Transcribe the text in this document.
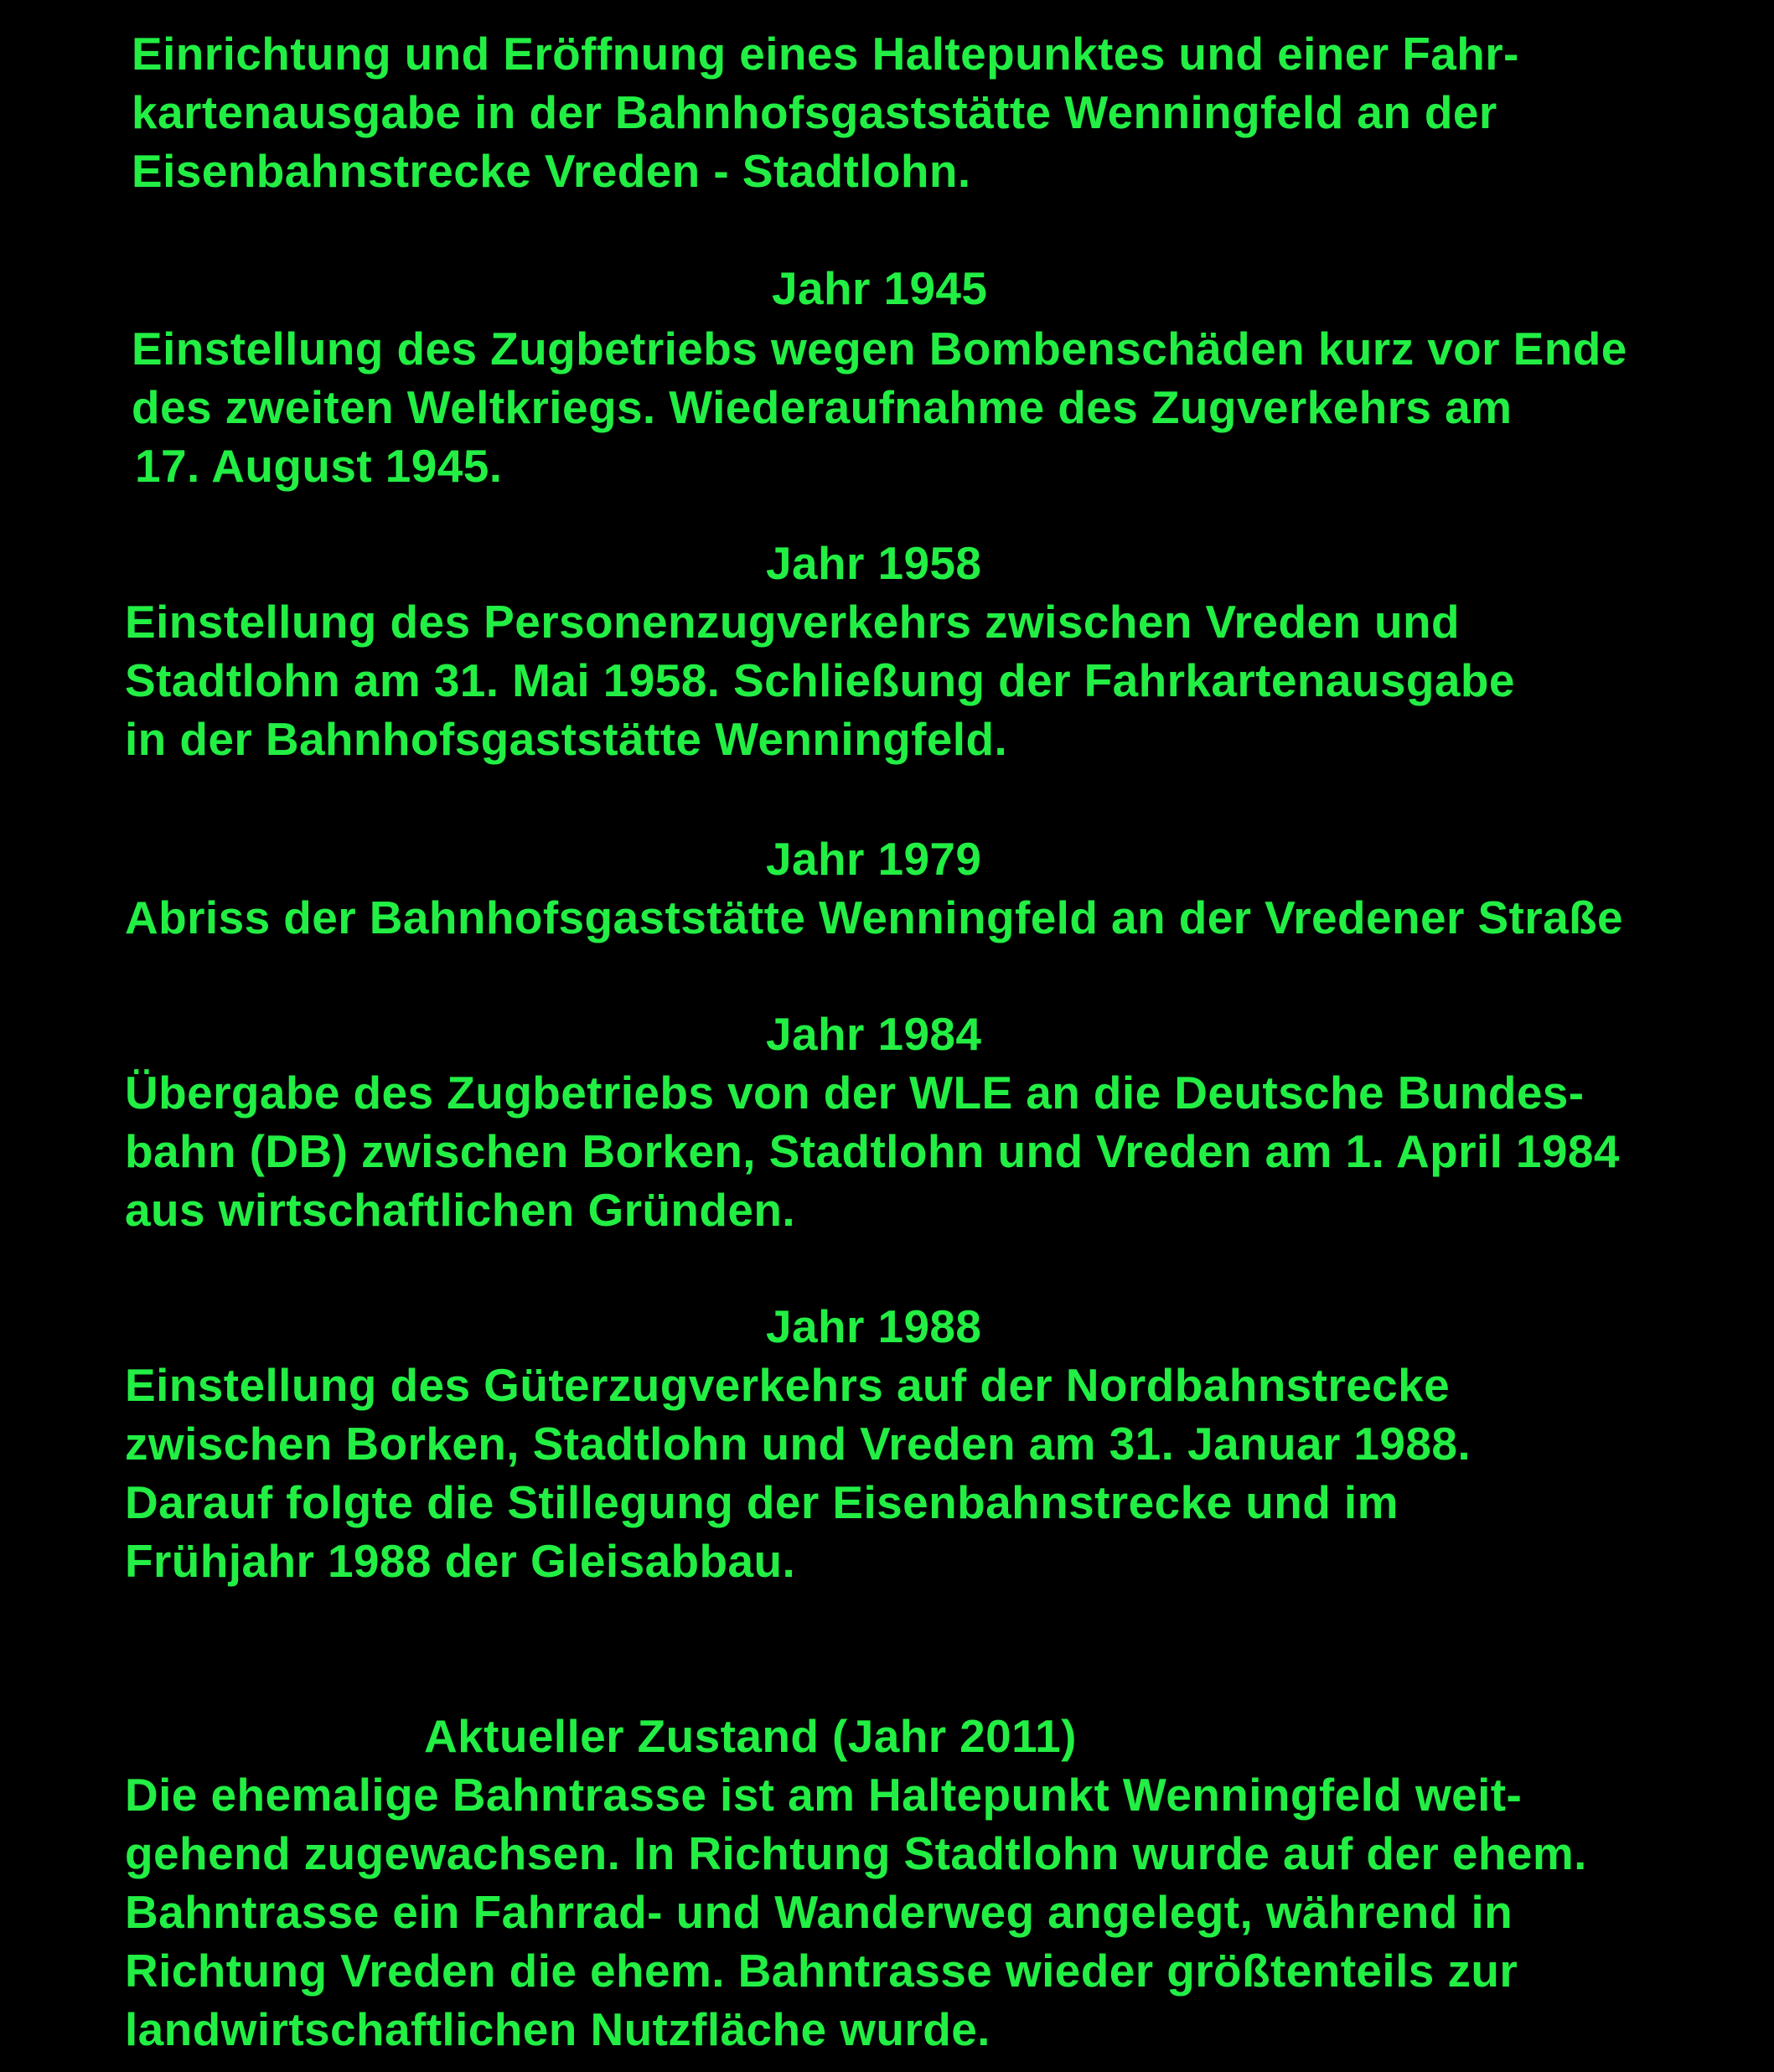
Einrichtung und Eröffnung eines Haltepunktes und einer Fahr-
kartenausgabe in der Bahnhofsgaststätte Wenningfeld an der
Eisenbahnstrecke Vreden - Stadtlohn.
Jahr 1945
Einstellung des Zugbetriebs wegen Bombenschäden kurz vor Ende
des zweiten Weltkriegs. Wiederaufnahme des Zugverkehrs am
17. August 1945.
Jahr 1958
Einstellung des Personenzugverkehrs zwischen Vreden und
Stadtlohn am 31. Mai 1958. Schließung der Fahrkartenausgabe
in der Bahnhofsgaststätte Wenningfeld.
Jahr 1979
Abriss der Bahnhofsgaststätte Wenningfeld an der Vredener Straße
Jahr 1984
Übergabe des Zugbetriebs von der WLE an die Deutsche Bundes-
bahn (DB) zwischen Borken, Stadtlohn und Vreden am 1. April 1984
aus wirtschaftlichen Gründen.
Jahr 1988
Einstellung des Güterzugverkehrs auf der Nordbahnstrecke
zwischen Borken, Stadtlohn und Vreden am 31. Januar 1988.
Darauf folgte die Stillegung der Eisenbahnstrecke und im
Frühjahr 1988 der Gleisabbau.
Aktueller Zustand (Jahr 2011)
Die ehemalige Bahntrasse ist am Haltepunkt Wenningfeld weit-
gehend zugewachsen. In Richtung Stadtlohn wurde auf der ehem.
Bahntrasse ein Fahrrad- und Wanderweg angelegt, während in
Richtung Vreden die ehem. Bahntrasse wieder größtenteils zur
landwirtschaftlichen Nutzfläche wurde.
